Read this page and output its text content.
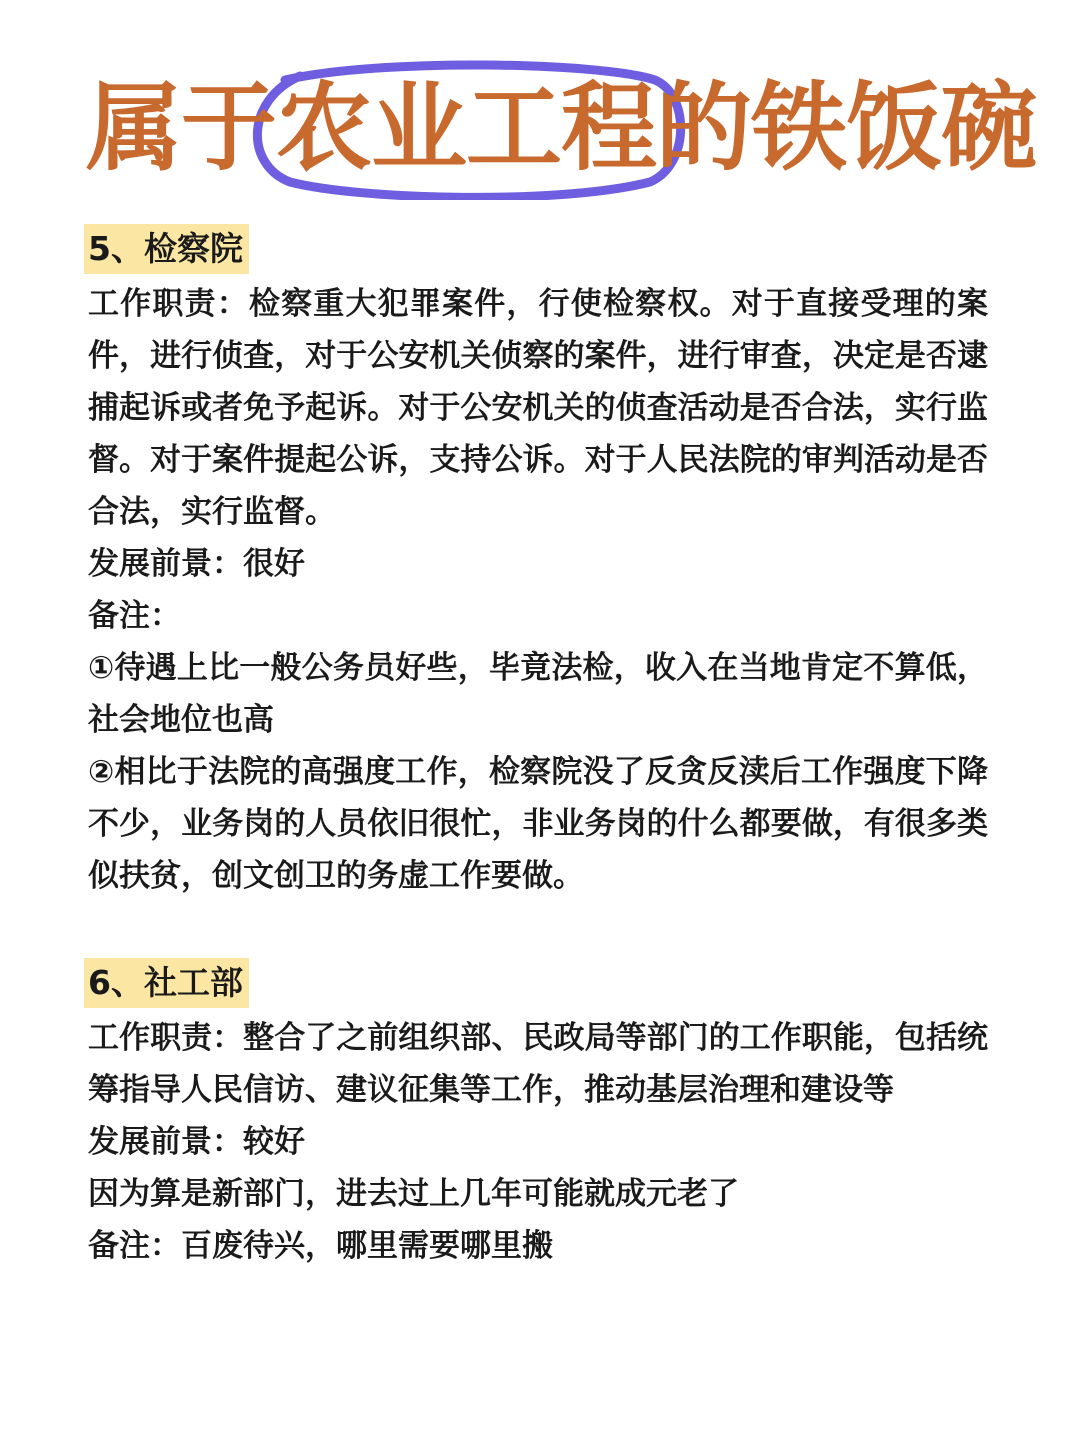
属于农业工程的铁饭碗
5、检察院

工作职责：检察重大犯罪案件，行使检察权。对于直接受理的案件，进行侦查，对于公安机关侦察的案件，进行审查，决定是否逮捕起诉或者免予起诉。对于公安机关的侦查活动是否合法，实行监督。对于案件提起公诉，支持公诉。对于人民法院的审判活动是否合法，实行监督。

发展前景：很好

备注：

①待遇上比一般公务员好些，毕竟法检，收入在当地肯定不算低，社会地位也高

②相比于法院的高强度工作，检察院没了反贪反渎后工作强度下降不少，业务岗的人员依旧很忙，非业务岗的什么都要做，有很多类似扶贫，创文创卫的务虚工作要做。

6、社工部

工作职责：整合了之前组织部、民政局等部门的工作职能，包括统筹指导人民信访、建议征集等工作，推动基层治理和建设等

发展前景：较好

因为算是新部门，进去过上几年可能就成元老了

备注：百废待兴，哪里需要哪里搬
